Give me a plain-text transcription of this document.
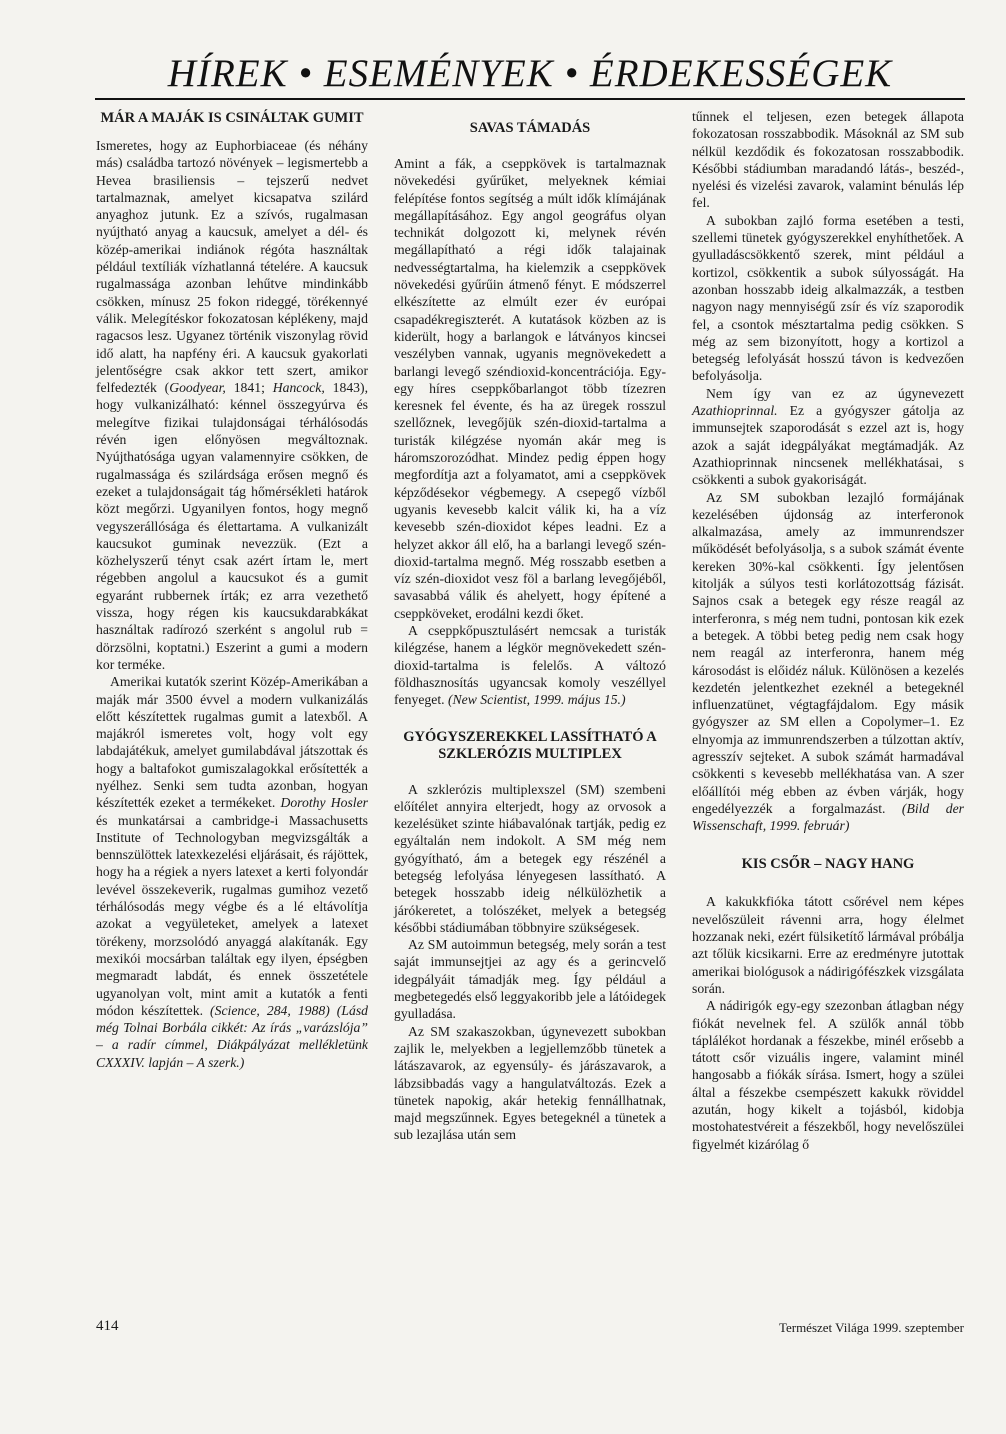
HÍREK • ESEMÉNYEK • ÉRDEKESSÉGEK
MÁR A MAJÁK IS CSINÁLTAK GUMIT

Ismeretes, hogy az Euphorbiaceae (és néhány más) családba tartozó növények – legismertebb a Hevea brasiliensis – tejszerű nedvet tartalmaznak, amelyet kicsapatva szilárd anyaghoz jutunk. Ez a szívós, rugalmasan nyújtható anyag a kaucsuk, amelyet a dél- és közép-amerikai indiánok régóta használtak például textíliák vízhatlanná tételére. A kaucsuk rugalmassága azonban lehűtve mindinkább csökken, mínusz 25 fokon rideggé, törékennyé válik. Melegítéskor fokozatosan képlékeny, majd ragacsos lesz. Ugyanez történik viszonylag rövid idő alatt, ha napfény éri. A kaucsuk gyakorlati jelentőségre csak akkor tett szert, amikor felfedezték (Goodyear, 1841; Hancock, 1843), hogy vulkanizálható: kénnel összegyúrva és melegítve fizikai tulajdonságai térhálósodás révén igen előnyösen megváltoznak. Nyújthatósága ugyan valamennyire csökken, de rugalmassága és szilárdsága erősen megnő és ezeket a tulajdonságait tág hőmérsékleti határok közt megőrzi. Ugyanilyen fontos, hogy megnő vegyszerállósága és élettartama. A vulkanizált kaucsukot guminak nevezzük. (Ezt a közhelyszerű tényt csak azért írtam le, mert régebben angolul a kaucsukot és a gumit egyaránt rubbernek írták; ez arra vezethető vissza, hogy régen kis kaucsukdarabkákat használtak radírozó szerként s angolul rub = dörzsölni, koptatni.) Eszerint a gumi a modern kor terméke.

Amerikai kutatók szerint Közép-Amerikában a maják már 3500 évvel a modern vulkanizálás előtt készítettek rugalmas gumit a latexből. A majákról ismeretes volt, hogy volt egy labdajátékuk, amelyet gumilabdával játszottak és hogy a baltafokot gumiszalagokkal erősítették a nyélhez. Senki sem tudta azonban, hogyan készítették ezeket a termékeket. Dorothy Hosler és munkatársai a cambridge-i Massachusetts Institute of Technologyban megvizsgálták a bennszülöttek latexkezelési eljárásait, és rájöttek, hogy ha a régiek a nyers latexet a kerti folyondár levével összekeverik, rugalmas gumihoz vezető térhálósodás megy végbe és a lé eltávolítja azokat a vegyületeket, amelyek a latexet törékeny, morzsolódó anyaggá alakítanák. Egy mexikói mocsárban találtak egy ilyen, épségben megmaradt labdát, és ennek összetétele ugyanolyan volt, mint amit a kutatók a fenti módon készítettek. (Science, 284, 1988) (Lásd még Tolnai Borbála cikkét: Az írás „varázslója” – a radír címmel, Diákpályázat mellékletünk CXXXIV. lapján – A szerk.)

SAVAS TÁMADÁS

Amint a fák, a cseppkövek is tartalmaznak növekedési gyűrűket, melyeknek kémiai felépítése fontos segítség a múlt idők klímájának megállapításához. Egy angol geográfus olyan technikát dolgozott ki, melynek révén megállapítható a régi idők talajainak nedvességtartalma, ha kielemzik a cseppkövek növekedési gyűrűin átmenő fényt. E módszerrel elkészítette az elmúlt ezer év európai csapadékregiszterét. A kutatások közben az is kiderült, hogy a barlangok e látványos kincsei veszélyben vannak, ugyanis megnövekedett a barlangi levegő széndioxid-koncentrációja. Egy-egy híres cseppkőbarlangot több tízezren keresnek fel évente, és ha az üregek rosszul szellőznek, levegőjük szén-dioxid-tartalma a turisták kilégzése nyomán akár meg is háromszorozódhat. Mindez pedig éppen hogy megfordítja azt a folyamatot, ami a cseppkövek képződésekor végbemegy. A csepegő vízből ugyanis kevesebb kalcit válik ki, ha a víz kevesebb szén-dioxidot képes leadni. Ez a helyzet akkor áll elő, ha a barlangi levegő szén-dioxid-tartalma megnő. Még rosszabb esetben a víz szén-dioxidot vesz föl a barlang levegőjéből, savasabbá válik és ahelyett, hogy építené a cseppköveket, erodálni kezdi őket.

A cseppkőpusztulásért nemcsak a turisták kilégzése, hanem a légkör megnövekedett szén-dioxid-tartalma is felelős. A változó földhasznosítás ugyancsak komoly veszéllyel fenyeget. (New Scientist, 1999. május 15.)

GYÓGYSZEREKKEL LASSÍTHATÓ A SZKLERÓZIS MULTIPLEX

A szklerózis multiplexszel (SM) szembeni előítélet annyira elterjedt, hogy az orvosok a kezelésüket szinte hiábavalónak tartják, pedig ez egyáltalán nem indokolt. A SM még nem gyógyítható, ám a betegek egy részénél a betegség lefolyása lényegesen lassítható. A betegek hosszabb ideig nélkülözhetik a járókeretet, a tolószéket, melyek a betegség későbbi stádiumában többnyire szükségesek.

Az SM autoimmun betegség, mely során a test saját immunsejtjei az agy és a gerincvelő idegpályáit támadják meg. Így például a megbetegedés első leggyakoribb jele a látóidegek gyulladása.

Az SM szakaszokban, úgynevezett subokban zajlik le, melyekben a legjellemzőbb tünetek a látászavarok, az egyensúly- és járászavarok, a lábzsibbadás vagy a hangulatváltozás. Ezek a tünetek napokig, akár hetekig fennállhatnak, majd megszűnnek. Egyes betegeknél a tünetek a sub lezajlása után sem

tűnnek el teljesen, ezen betegek állapota fokozatosan rosszabbodik. Másoknál az SM sub nélkül kezdődik és fokozatosan rosszabbodik. Későbbi stádiumban maradandó látás-, beszéd-, nyelési és vizelési zavarok, valamint bénulás lép fel.

A subokban zajló forma esetében a testi, szellemi tünetek gyógyszerekkel enyhíthetőek. A gyulladáscsökkentő szerek, mint például a kortizol, csökkentik a subok súlyosságát. Ha azonban hosszabb ideig alkalmazzák, a testben nagyon nagy mennyiségű zsír és víz szaporodik fel, a csontok mésztartalma pedig csökken. S még az sem bizonyított, hogy a kortizol a betegség lefolyását hosszú távon is kedvezően befolyásolja.

Nem így van ez az úgynevezett Azathioprinnal. Ez a gyógyszer gátolja az immunsejtek szaporodását s ezzel azt is, hogy azok a saját idegpályákat megtámadják. Az Azathioprinnak nincsenek mellékhatásai, s csökkenti a subok gyakoriságát.

Az SM subokban lezajló formájának kezelésében újdonság az interferonok alkalmazása, amely az immunrendszer működését befolyásolja, s a subok számát évente kereken 30%-kal csökkenti. Így jelentősen kitolják a súlyos testi korlátozottság fázisát. Sajnos csak a betegek egy része reagál az interferonra, s még nem tudni, pontosan kik ezek a betegek. A többi beteg pedig nem csak hogy nem reagál az interferonra, hanem még károsodást is előidéz náluk. Különösen a kezelés kezdetén jelentkezhet ezeknél a betegeknél influenzatünet, végtagfájdalom. Egy másik gyógyszer az SM ellen a Copolymer–1. Ez elnyomja az immunrendszerben a túlzottan aktív, agresszív sejteket. A subok számát harmadával csökkenti s kevesebb mellékhatása van. A szer előállítói még ebben az évben várják, hogy engedélyezzék a forgalmazást. (Bild der Wissenschaft, 1999. február)

KIS CSŐR – NAGY HANG

A kakukkfióka tátott csőrével nem képes nevelőszüleit rávenni arra, hogy élelmet hozzanak neki, ezért fülsiketítő lármával próbálja azt tőlük kicsikarni. Erre az eredményre jutottak amerikai biológusok a nádirigófészkek vizsgálata során.

A nádirigók egy-egy szezonban átlagban négy fiókát nevelnek fel. A szülők annál több táplálékot hordanak a fészekbe, minél erősebb a tátott csőr vizuális ingere, valamint minél hangosabb a fiókák sírása. Ismert, hogy a szülei által a fészekbe csempészett kakukk röviddel azután, hogy kikelt a tojásból, kidobja mostohatestvéreit a fészekből, hogy nevelőszülei figyelmét kizárólag ő

414	Természet Világa 1999. szeptember
